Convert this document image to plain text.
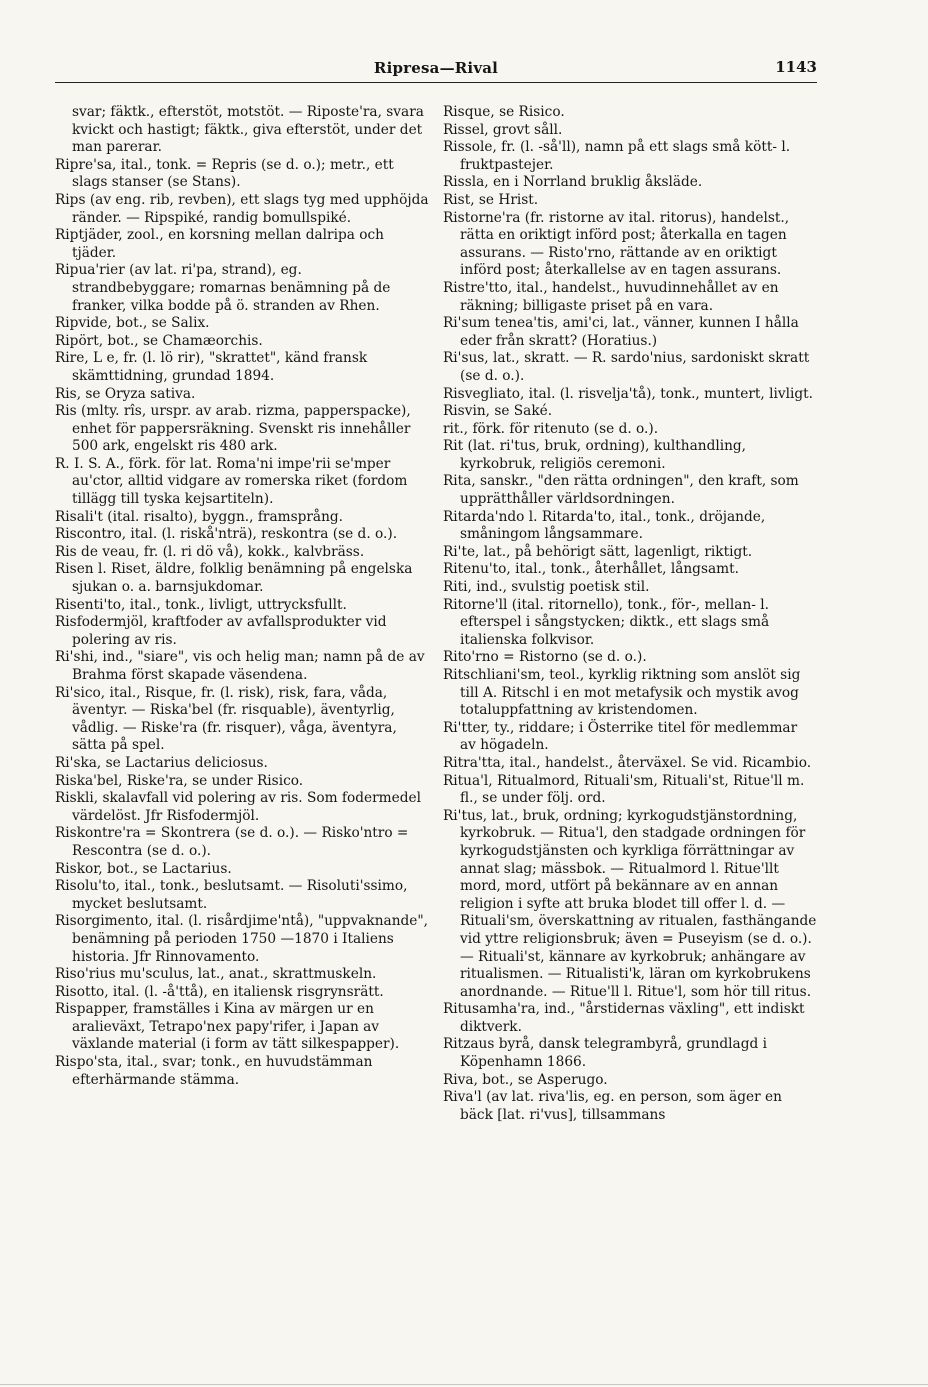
Ripresa—Rival	1143

svar; fäktk., efterstöt, motstöt. — Riposte'ra, svara kvickt och hastigt; fäktk., giva efterstöt, under det man parerar.

Ripre'sa, ital., tonk. = Repris (se d. o.); metr., ett slags stanser (se Stans).

Rips (av eng. rib, revben), ett slags tyg med upphöjda ränder. — Ripspiké, randig bomullspiké.

Riptjäder, zool., en korsning mellan dalripa och tjäder.

Ripua'rier (av lat. ri'pa, strand), eg. strandbebyggare; romarnas benämning på de franker, vilka bodde på ö. stranden av Rhen.

Ripvide, bot., se Salix.

Ripört, bot., se Chamæorchis.

Rire, L e, fr. (l. lö rir), "skrattet", känd fransk skämttidning, grundad 1894.

Ris, se Oryza sativa.

Ris (mlty. rîs, urspr. av arab. rizma, papperspacke), enhet för pappersräkning. Svenskt ris innehåller 500 ark, engelskt ris 480 ark.

R. I. S. A., förk. för lat. Roma'ni impe'rii se'mper au'ctor, alltid vidgare av romerska riket (fordom tillägg till tyska kejsartiteln).

Risali't (ital. risalto), byggn., framsprång.

Riscontro, ital. (l. riskå'nträ), reskontra (se d. o.).

Ris de veau, fr. (l. ri dö vå), kokk., kalvbräss.

Risen l. Riset, äldre, folklig benämning på engelska sjukan o. a. barnsjukdomar.

Risenti'to, ital., tonk., livligt, uttrycksfullt.

Risfodermjöl, kraftfoder av avfallsprodukter vid polering av ris.

Ri'shi, ind., "siare", vis och helig man; namn på de av Brahma först skapade väsendena.

Ri'sico, ital., Risque, fr. (l. risk), risk, fara, våda, äventyr. — Riska'bel (fr. risquable), äventyrlig, vådlig. — Riske'ra (fr. risquer), våga, äventyra, sätta på spel.

Ri'ska, se Lactarius deliciosus.

Riska'bel, Riske'ra, se under Risico.

Riskli, skalavfall vid polering av ris. Som fodermedel värdelöst. Jfr Risfodermjöl.

Riskontre'ra = Skontrera (se d. o.). — Risko'ntro = Rescontra (se d. o.).

Riskor, bot., se Lactarius.

Risolu'to, ital., tonk., beslutsamt. — Risoluti'ssimo, mycket beslutsamt.

Risorgimento, ital. (l. risårdjime'ntå), "uppvaknande", benämning på perioden 1750 —1870 i Italiens historia. Jfr Rinnovamento.

Riso'rius mu'sculus, lat., anat., skrattmuskeln.

Risotto, ital. (l. -å'ttå), en italiensk risgrynsrätt.

Rispapper, framställes i Kina av märgen ur en aralieväxt, Tetrapo'nex papy'rifer, i Japan av växlande material (i form av tätt silkespapper).

Rispo'sta, ital., svar; tonk., en huvudstämman efterhärmande stämma.

Risque, se Risico.

Rissel, grovt såll.

Rissole, fr. (l. -så'll), namn på ett slags små kött- l. fruktpastejer.

Rissla, en i Norrland bruklig åksläde.

Rist, se Hrist.

Ristorne'ra (fr. ristorne av ital. ritorus), handelst., rätta en oriktigt införd post; återkalla en tagen assurans. — Risto'rno, rättande av en oriktigt införd post; återkallelse av en tagen assurans.

Ristre'tto, ital., handelst., huvudinnehållet av en räkning; billigaste priset på en vara.

Ri'sum tenea'tis, ami'ci, lat., vänner, kunnen I hålla eder från skratt? (Horatius.)

Ri'sus, lat., skratt. — R. sardo'nius, sardoniskt skratt (se d. o.).

Risvegliato, ital. (l. risvelja'tå), tonk., muntert, livligt.

Risvin, se Saké.

rit., förk. för ritenuto (se d. o.).

Rit (lat. ri'tus, bruk, ordning), kulthandling, kyrkobruk, religiös ceremoni.

Rita, sanskr., "den rätta ordningen", den kraft, som upprätthåller världsordningen.

Ritarda'ndo l. Ritarda'to, ital., tonk., dröjande, småningom långsammare.

Ri'te, lat., på behörigt sätt, lagenligt, riktigt.

Ritenu'to, ital., tonk., återhållet, långsamt.

Riti, ind., svulstig poetisk stil.

Ritorne'll (ital. ritornello), tonk., för-, mellan- l. efterspel i sångstycken; diktk., ett slags små italienska folkvisor.

Rito'rno = Ristorno (se d. o.).

Ritschliani'sm, teol., kyrklig riktning som anslöt sig till A. Ritschl i en mot metafysik och mystik avog totaluppfattning av kristendomen.

Ri'tter, ty., riddare; i Österrike titel för medlemmar av högadeln.

Ritra'tta, ital., handelst., återväxel. Se vid. Ricambio.

Ritua'l, Ritualmord, Rituali'sm, Rituali'st, Ritue'll m. fl., se under följ. ord.

Ri'tus, lat., bruk, ordning; kyrkogudstjänstordning, kyrkobruk. — Ritua'l, den stadgade ordningen för kyrkogudstjänsten och kyrkliga förrättningar av annat slag; mässbok. — Ritualmord l. Ritue'llt mord, mord, utfört på bekännare av en annan religion i syfte att bruka blodet till offer l. d. — Rituali'sm, överskattning av ritualen, fasthängande vid yttre religionsbruk; även = Puseyism (se d. o.). — Rituali'st, kännare av kyrkobruk; anhängare av ritualismen. — Ritualisti'k, läran om kyrkobrukens anordnande. — Ritue'll l. Ritue'l, som hör till ritus.

Ritusamha'ra, ind., "årstidernas växling", ett indiskt diktverk.

Ritzaus byrå, dansk telegrambyrå, grundlagd i Köpenhamn 1866.

Riva, bot., se Asperugo.

Riva'l (av lat. riva'lis, eg. en person, som äger en bäck [lat. ri'vus], tillsammans
